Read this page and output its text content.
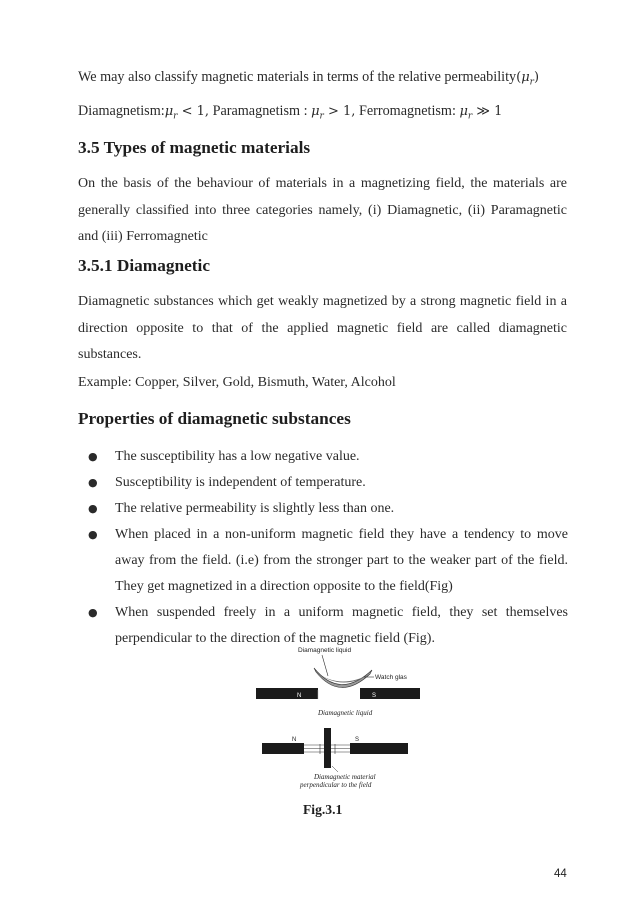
We may also classify magnetic materials in terms of the relative $permeability(\mu_r)$

$Diamagnetism:\mu_r < 1$, Paramagnetism : $\mu_r > 1$, Ferromagnetism: $\mu_r$ ≫ 1

3.5 Types of magnetic materials

On the basis of the behaviour of materials in a magnetizing field, the materials are generally classified into three categories namely, (i) Diamagnetic, (ii) Paramagnetic and (iii) Ferromagnetic

3.5.1 Diamagnetic

Diamagnetic substances which get weakly magnetized by a strong magnetic field in a direction opposite to that of the applied magnetic field are called diamagnetic substances.

Example: Copper, Silver, Gold, Bismuth, Water, Alcohol

Properties of diamagnetic substances
● The susceptibility has a low negative value.
● Susceptibility is independent of temperature.
● The relative permeability is slightly less than one.
● When placed in a non-uniform magnetic field they have a tendency to move away from the field. (i.e) from the stronger part to the weaker part of the field. They get magnetized in a direction opposite to the field(Fig)
● When suspended freely in a uniform magnetic field, they set themselves perpendicular to the direction of the magnetic field (Fig).
Diamagnetic liquid
Watch glas
N	S
Diamagnetic liquid
N	S
Diamagnetic material
perpendicular to the field
Fig.3.1
44
